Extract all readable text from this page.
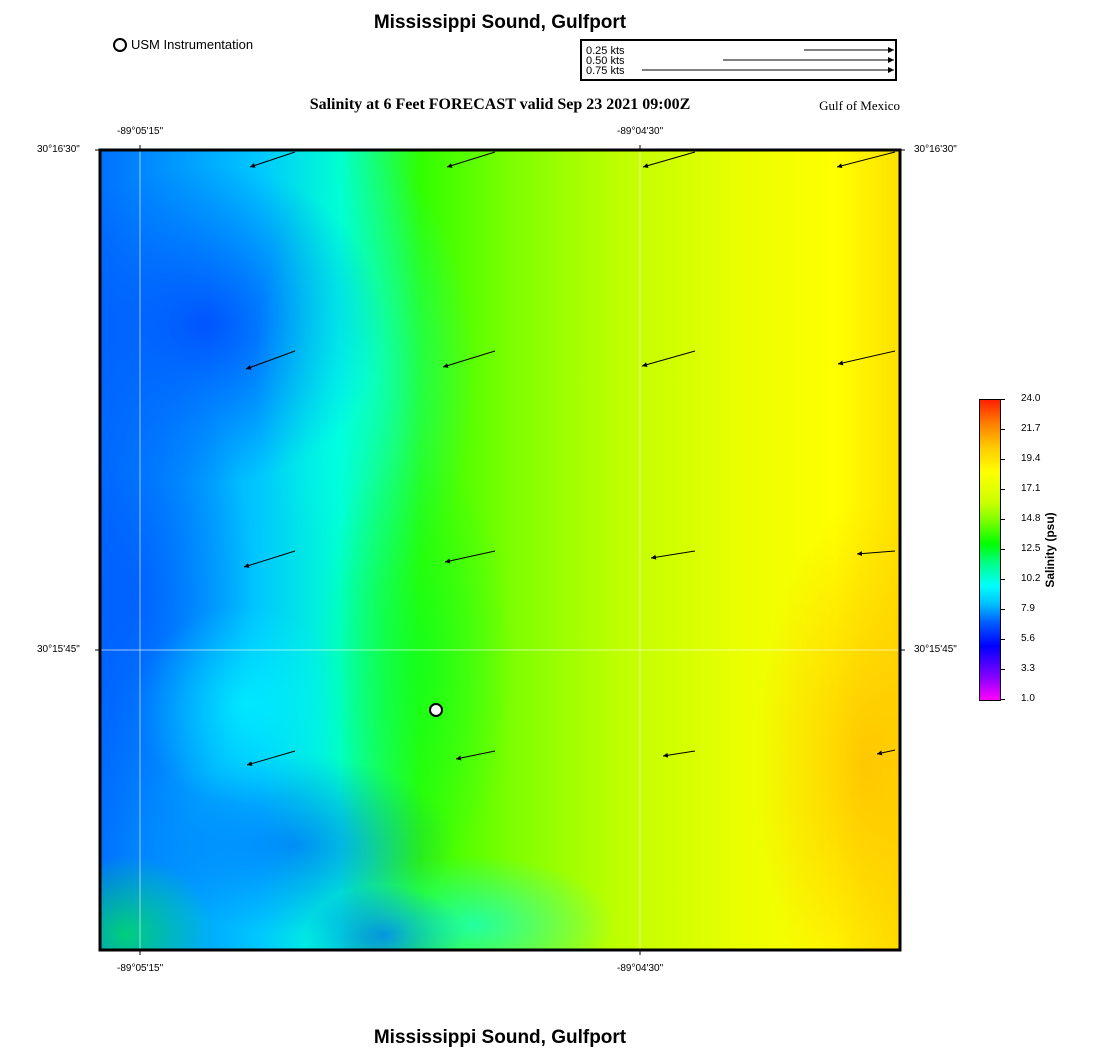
Mississippi Sound, Gulfport
Salinity at 6 Feet FORECAST valid Sep 23 2021 09:00Z	Gulf of Mexico
Mississippi Sound, Gulfport
USM Instrumentation	0.25 kts
0.50 kts
0.75 kts
-89°05'15"	-89°04'30"
-89°05'15"	-89°04'30"
30°16'30"
30°15'45"
30°16'30"
30°15'45"
24.0
21.7
19.4
17.1
14.8
12.5
10.2
7.9
5.6
3.3
1.0
Salinity (psu)
